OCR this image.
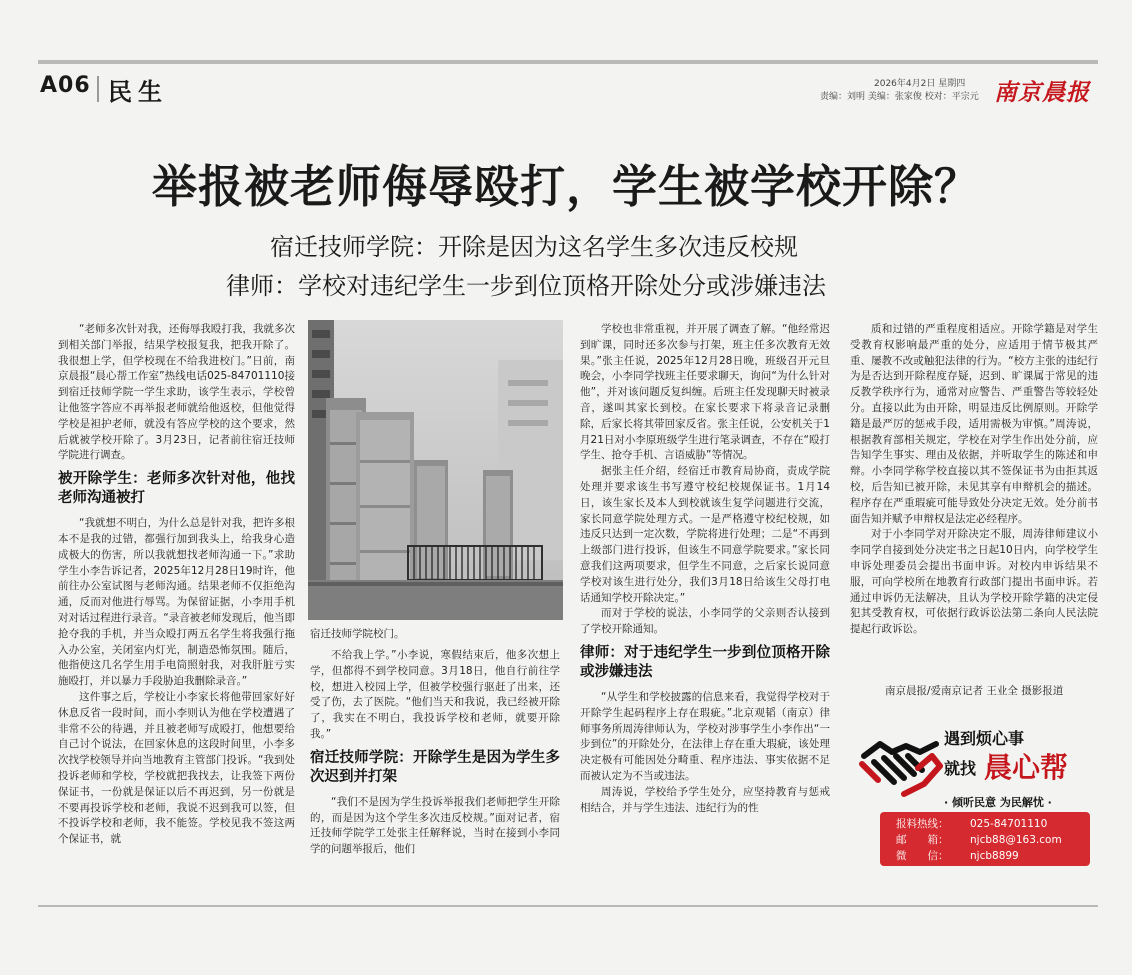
A06 民生	2026年4月2日 星期四
责编：刘明 美编：张家俊 校对：平宗元 南京晨报
举报被老师侮辱殴打，学生被学校开除？
宿迁技师学院：开除是因为这名学生多次违反校规
律师：学校对违纪学生一步到位顶格开除处分或涉嫌违法

“老师多次针对我，还侮辱我殴打我，我就多次到相关部门举报，结果学校报复我，把我开除了。我很想上学，但学校现在不给我进校门。”日前，南京晨报“晨心帮工作室”热线电话025-84701110接到宿迁技师学院一学生求助，该学生表示，学校曾让他签字答应不再举报老师就给他返校，但他觉得学校是袒护老师，就没有答应学校的这个要求，然后就被学校开除了。3月23日，记者前往宿迁技师学院进行调查。

被开除学生：老师多次针对他，他找老师沟通被打

“我就想不明白，为什么总是针对我，把许多根本不是我的过错，都强行加到我头上，给我身心造成极大的伤害，所以我就想找老师沟通一下。”求助学生小李告诉记者，2025年12月28日19时许，他前往办公室试图与老师沟通。结果老师不仅拒绝沟通，反而对他进行辱骂。为保留证据，小李用手机对对话过程进行录音。“录音被老师发现后，他当即抢夺我的手机，并当众殴打两五名学生将我强行拖入办公室，关闭室内灯光，制造恐怖氛围。随后，他指使这几名学生用手电筒照射我，对我肝脏亏实施殴打，并以暴力手段胁迫我删除录音。”

这件事之后，学校让小李家长将他带回家好好休息反省一段时间，而小李则认为他在学校遭遇了非常不公的待遇，并且被老师写成殴打，他想要给自己讨个说法，在回家休息的这段时间里，小李多次找学校领导并向当地教育主管部门投诉。“我到处投诉老师和学校，学校就把我找去，让我签下两份保证书，一份就是保证以后不再迟到，另一份就是不要再投诉学校和老师，我说不迟到我可以签，但不投诉学校和老师，我不能签。学校见我不签这两个保证书，就

宿迁技师学院校门。

不给我上学。”小李说，寒假结束后，他多次想上学，但都得不到学校同意。3月18日，他自行前往学校，想进入校园上学，但被学校强行驱赶了出来，还受了伤，去了医院。“他们当天和我说，我已经被开除了，我实在不明白，我投诉学校和老师，就要开除我。”

宿迁技师学院：开除学生是因为学生多次迟到并打架

“我们不是因为学生投诉举报我们老师把学生开除的，而是因为这个学生多次违反校规。”面对记者，宿迁技师学院学工处张主任解释说，当时在接到小李同学的问题举报后，他们

学校也非常重视，并开展了调查了解。“他经常迟到旷课，同时还多次参与打架，班主任多次教育无效果。”张主任说，2025年12月28日晚，班级召开元旦晚会，小李同学找班主任要求聊天，询问“为什么针对他”，并对该问题反复纠缠。后班主任发现聊天时被录音，遂叫其家长到校。在家长要求下将录音记录删除，后家长将其带回家反省。张主任说，公安机关于1月21日对小李原班级学生进行笔录调查，不存在“殴打学生、抢夺手机、言语威胁”等情况。

据张主任介绍，经宿迁市教育局协商，责成学院处理并要求该生书写遵守校纪校规保证书。1月14日，该生家长及本人到校就该生复学问题进行交流，家长同意学院处理方式。一是严格遵守校纪校规，如违反只达到一定次数，学院将进行处理；二是“不再到上级部门进行投诉，但该生不同意学院要求。”家长同意我们这两项要求，但学生不同意，之后家长说同意学校对该生进行处分，我们3月18日给该生父母打电话通知学校开除决定。”

而对于学校的说法，小李同学的父亲则否认接到了学校开除通知。

律师：对于违纪学生一步到位顶格开除或涉嫌违法

“从学生和学校披露的信息来看，我觉得学校对于开除学生起码程序上存在瑕疵。”北京观韬（南京）律师事务所周涛律师认为，学校对涉事学生小李作出“一步到位”的开除处分，在法律上存在重大瑕疵，该处理决定极有可能因处分畸重、程序违法、事实依据不足而被认定为不当或违法。

周涛说，学校给予学生处分，应坚持教育与惩戒相结合，并与学生违法、违纪行为的性

质和过错的严重程度相适应。开除学籍是对学生受教育权影响最严重的处分，应适用于情节极其严重、屡教不改或触犯法律的行为。“校方主张的违纪行为是否达到开除程度存疑，迟到、旷课属于常见的违反教学秩序行为，通常对应警告、严重警告等较轻处分。直接以此为由开除，明显违反比例原则。开除学籍是最严厉的惩戒手段，适用需极为审慎。”周涛说，根据教育部相关规定，学校在对学生作出处分前，应告知学生事实、理由及依据，并听取学生的陈述和申辩。小李同学称学校直接以其不签保证书为由拒其返校，后告知已被开除，未见其享有申辩机会的描述。程序存在严重瑕疵可能导致处分决定无效。处分前书面告知并赋予申辩权是法定必经程序。

对于小李同学对开除决定不服，周涛律师建议小李同学自接到处分决定书之日起10日内，向学校学生申诉处理委员会提出书面申诉。对校内申诉结果不服，可向学校所在地教育行政部门提出书面申诉。若通过申诉仍无法解决，且认为学校开除学籍的决定侵犯其受教育权，可依据行政诉讼法第二条向人民法院提起行政诉讼。

南京晨报/爱南京记者 王业全 摄影报道
遇到烦心事
就找 晨心帮
· 倾听民意 为民解忧 ·
报料热线： 025-84701110
邮　　箱： njcb88@163.com
微　　信： njcb8899
